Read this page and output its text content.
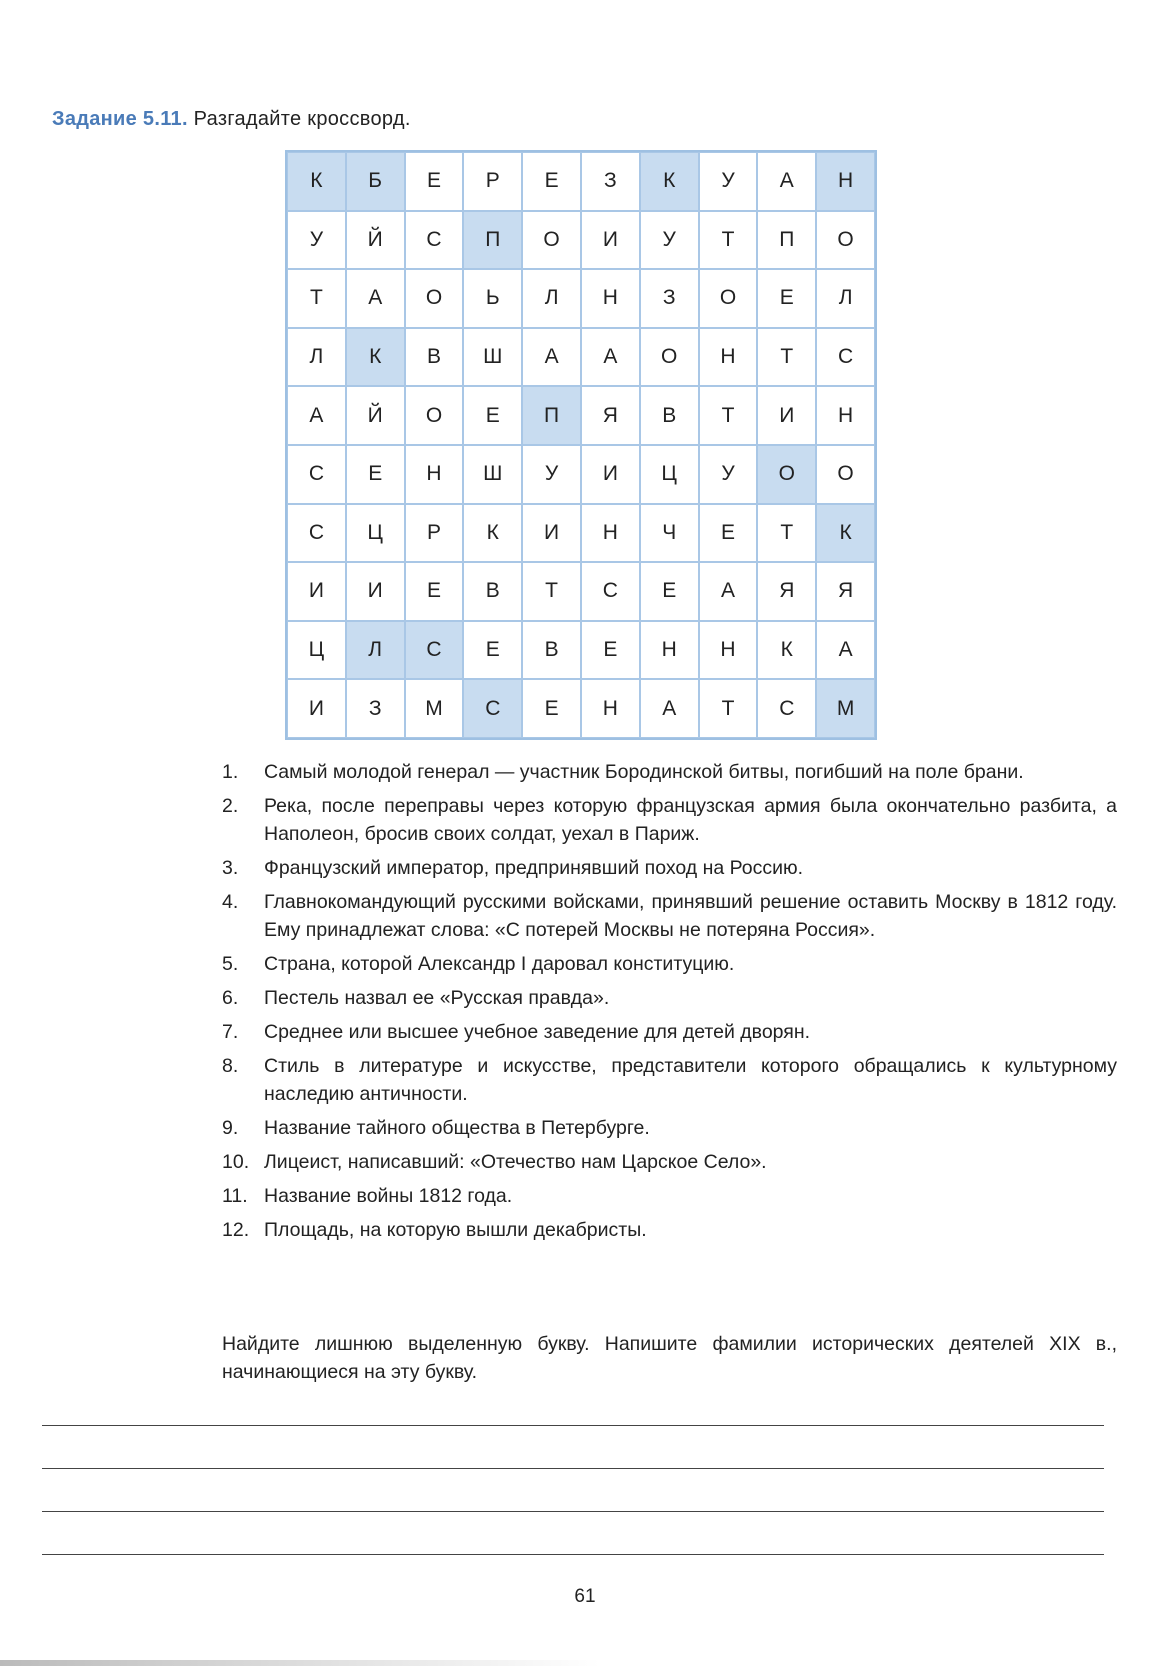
Задание 5.11. Разгадайте кроссворд.
К	Б	Е	Р	Е	З	К	У	А	Н
У	Й	С	П	О	И	У	Т	П	О
Т	А	О	Ь	Л	Н	З	О	Е	Л
Л	К	В	Ш	А	А	О	Н	Т	С
А	Й	О	Е	П	Я	В	Т	И	Н
С	Е	Н	Ш	У	И	Ц	У	О	О
С	Ц	Р	К	И	Н	Ч	Е	Т	К
И	И	Е	В	Т	С	Е	А	Я	Я
Ц	Л	С	Е	В	Е	Н	Н	К	А
И	З	М	С	Е	Н	А	Т	С	М
1. Самый молодой генерал — участник Бородинской битвы, погибший на поле брани.
2. Река, после переправы через которую французская армия была окончательно разбита, а Наполеон, бросив своих солдат, уехал в Париж.
3. Французский император, предпринявший поход на Россию.
4. Главнокомандующий русскими войсками, принявший решение оставить Москву в 1812 году. Ему принадлежат слова: «С потерей Москвы не потеряна Россия».
5. Страна, которой Александр I даровал конституцию.
6. Пестель назвал ее «Русская правда».
7. Среднее или высшее учебное заведение для детей дворян.
8. Стиль в литературе и искусстве, представители которого обращались к культурному наследию античности.
9. Название тайного общества в Петербурге.
10. Лицеист, написавший: «Отечество нам Царское Село».
11. Название войны 1812 года.
12. Площадь, на которую вышли декабристы.
Найдите лишнюю выделенную букву. Напишите фамилии исторических деятелей XIX в., начинающиеся на эту букву.
61
